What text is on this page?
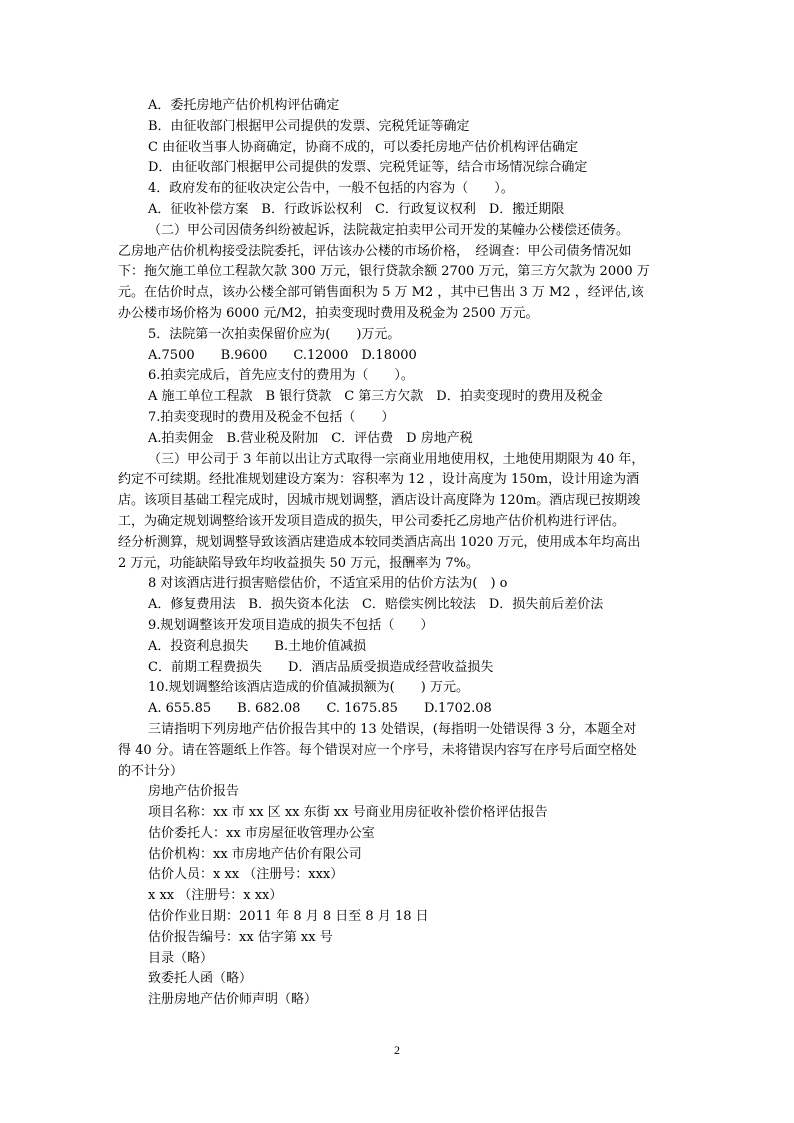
A．委托房地产估价机构评估确定
B．由征收部门根据甲公司提供的发票、完税凭证等确定
C 由征收当事人协商确定，协商不成的，可以委托房地产估价机构评估确定
D．由征收部门根据甲公司提供的发票、完税凭证等，结合市场情况综合确定
4．政府发布的征收决定公告中，一般不包括的内容为（　　）。
A．征收补偿方案　B．行政诉讼权利　C．行政复议权利　D．搬迁期限
（二）甲公司因债务纠纷被起诉，法院裁定拍卖甲公司开发的某幢办公楼偿还债务。
乙房地产估价机构接受法院委托，评估该办公楼的市场价格，　经调查：甲公司债务情况如
下：拖欠施工单位工程款欠款 300 万元，银行贷款余额 2700 万元，第三方欠款为 2000 万
元。在估价时点，该办公楼全部可销售面积为 5 万 M2 ，其中已售出 3 万 M2 ，经评估,该
办公楼市场价格为 6000 元/M2，拍卖变现时费用及税金为 2500 万元。
5．法院第一次拍卖保留价应为(　　)万元。
A.7500　　B.9600　　C.12000　D.18000
6.拍卖完成后，首先应支付的费用为（　　）。
A 施工单位工程款　B 银行贷款　C 第三方欠款　D．拍卖变现时的费用及税金
7.拍卖变现时的费用及税金不包括（　　）
A.拍卖佣金　B.营业税及附加　C．评估费　D 房地产税
（三）甲公司于 3 年前以出让方式取得一宗商业用地使用权，土地使用期限为 40 年，
约定不可续期。经批准规划建设方案为：容积率为 12 ，设计高度为 150m，设计用途为酒
店。该项目基础工程完成时，因城市规划调整，酒店设计高度降为 120m。酒店现已按期竣
工，为确定规划调整给该开发项目造成的损失，甲公司委托乙房地产估价机构进行评估。
经分析测算，规划调整导致该酒店建造成本较同类酒店高出 1020 万元，使用成本年均高出
2 万元，功能缺陷导致年均收益损失 50 万元，报酬率为 7%。
8 对该酒店进行损害赔偿估价，不适宜采用的估价方法为(　) o
A．修复费用法　B．损失资本化法　C．赔偿实例比较法　D．损失前后差价法
9.规划调整该开发项目造成的损失不包括（　　）
A．投资利息损失　　B.土地价值减损
C．前期工程费损失　　D．酒店品质受损造成经营收益损失
10.规划调整给该酒店造成的价值减损额为(　　) 万元。
A. 655.85　　B. 682.08　　C. 1675.85　　D.1702.08
三请指明下列房地产估价报告其中的 13 处错误，(每指明一处错误得 3 分，本题全对
得 40 分。请在答题纸上作答。每个错误对应一个序号，未将错误内容写在序号后面空格处
的不计分）
房地产估价报告
项目名称：xx 市 xx 区 xx 东街 xx 号商业用房征收补偿价格评估报告
估价委托人：xx 市房屋征收管理办公室
估价机构：xx 市房地产估价有限公司
估价人员：x xx （注册号：xxx）
x xx （注册号：x xx）
估价作业日期：2011 年 8 月 8 日至 8 月 18 日
估价报告编号：xx 估字第 xx 号
目录（略）
致委托人函（略）
注册房地产估价师声明（略）
2
